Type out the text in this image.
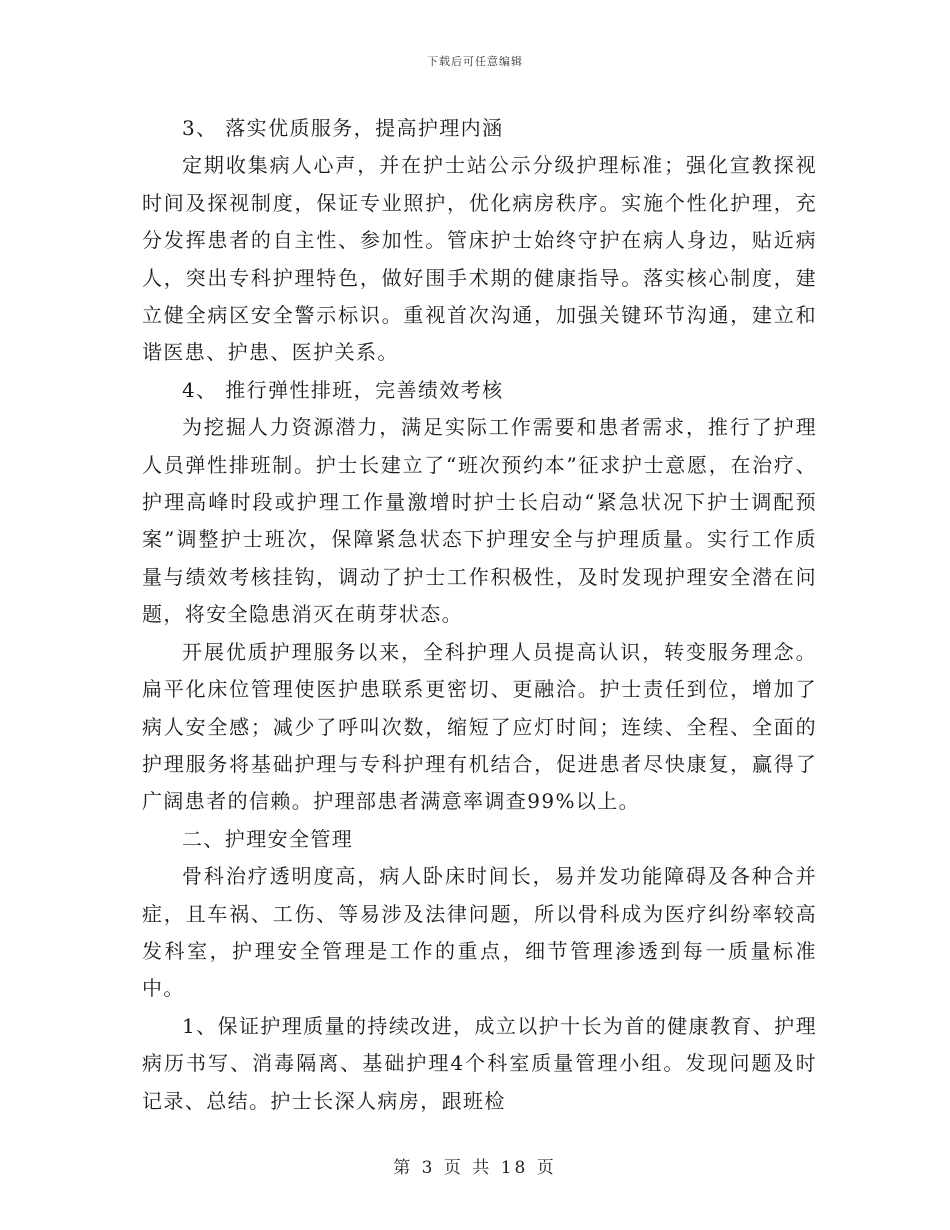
下载后可任意编辑

3、 落实优质服务，提高护理内涵

定期收集病人心声，并在护士站公示分级护理标准；强化宣教探视时间及探视制度，保证专业照护，优化病房秩序。实施个性化护理，充分发挥患者的自主性、参加性。管床护士始终守护在病人身边，贴近病人，突出专科护理特色，做好围手术期的健康指导。落实核心制度，建立健全病区安全警示标识。重视首次沟通，加强关键环节沟通，建立和谐医患、护患、医护关系。

4、 推行弹性排班，完善绩效考核

为挖掘人力资源潜力，满足实际工作需要和患者需求，推行了护理人员弹性排班制。护士长建立了“班次预约本”征求护士意愿，在治疗、护理高峰时段或护理工作量激增时护士长启动“紧急状况下护士调配预案”调整护士班次，保障紧急状态下护理安全与护理质量。实行工作质量与绩效考核挂钩，调动了护士工作积极性，及时发现护理安全潜在问题，将安全隐患消灭在萌芽状态。

开展优质护理服务以来，全科护理人员提高认识，转变服务理念。扁平化床位管理使医护患联系更密切、更融洽。护士责任到位，增加了病人安全感；减少了呼叫次数，缩短了应灯时间；连续、全程、全面的护理服务将基础护理与专科护理有机结合，促进患者尽快康复，赢得了广阔患者的信赖。护理部患者满意率调查99%以上。

二、护理安全管理

骨科治疗透明度高，病人卧床时间长，易并发功能障碍及各种合并症，且车祸、工伤、等易涉及法律问题，所以骨科成为医疗纠纷率较高发科室，护理安全管理是工作的重点，细节管理渗透到每一质量标准中。

1、保证护理质量的持续改进，成立以护十长为首的健康教育、护理病历书写、消毒隔离、基础护理4个科室质量管理小组。发现问题及时记录、总结。护士长深人病房，跟班检

第 3 页 共 18 页
